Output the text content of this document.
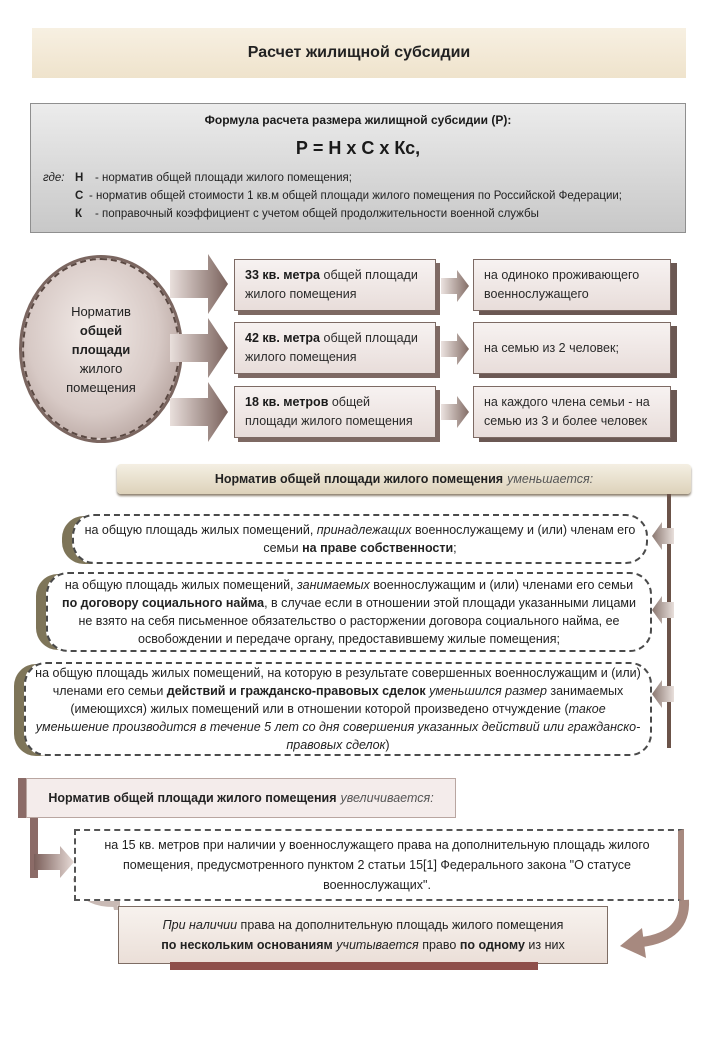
Расчет жилищной субсидии
Формула расчета размера жилищной субсидии (Р):
Р = Н х С х Кс,
где: Н - норматив общей площади жилого помещения;
С - норматив общей стоимости 1 кв.м общей площади жилого помещения по Российской Федерации;
К - поправочный коэффициент с учетом общей продолжительности военной службы
Норматив
общей
площади
жилого
помещения
33 кв. метра общей площади жилого помещения
42 кв. метра общей площади жилого помещения
18 кв. метров общей площади жилого помещения
на одиноко проживающего военнослужащего
на семью из 2 человек;
на каждого члена семьи - на семью из 3 и более человек
Норматив общей площади жилого помещения уменьшается:
на общую площадь жилых помещений, принадлежащих военнослужащему и (или) членам его семьи на праве собственности;
на общую площадь жилых помещений, занимаемых военнослужащим и (или) членами его семьи по договору социального найма, в случае если в отношении этой площади указанными лицами не взято на себя письменное обязательство о расторжении договора социального найма, ее освобождении и передаче органу, предоставившему жилые помещения;
на общую площадь жилых помещений, на которую в результате совершенных военнослужащим и (или) членами его семьи действий и гражданско-правовых сделок уменьшился размер занимаемых (имеющихся) жилых помещений или в отношении которой произведено отчуждение (такое уменьшение производится в течение 5 лет со дня совершения указанных действий или гражданско-правовых сделок)
Норматив общей площади жилого помещения увеличивается:
на 15 кв. метров при наличии у военнослужащего права на дополнительную площадь жилого помещения, предусмотренного пунктом 2 статьи 15[1] Федерального закона "О статусе военнослужащих".
При наличии права на дополнительную площадь жилого помещения
по нескольким основаниям учитывается право по одному из них
